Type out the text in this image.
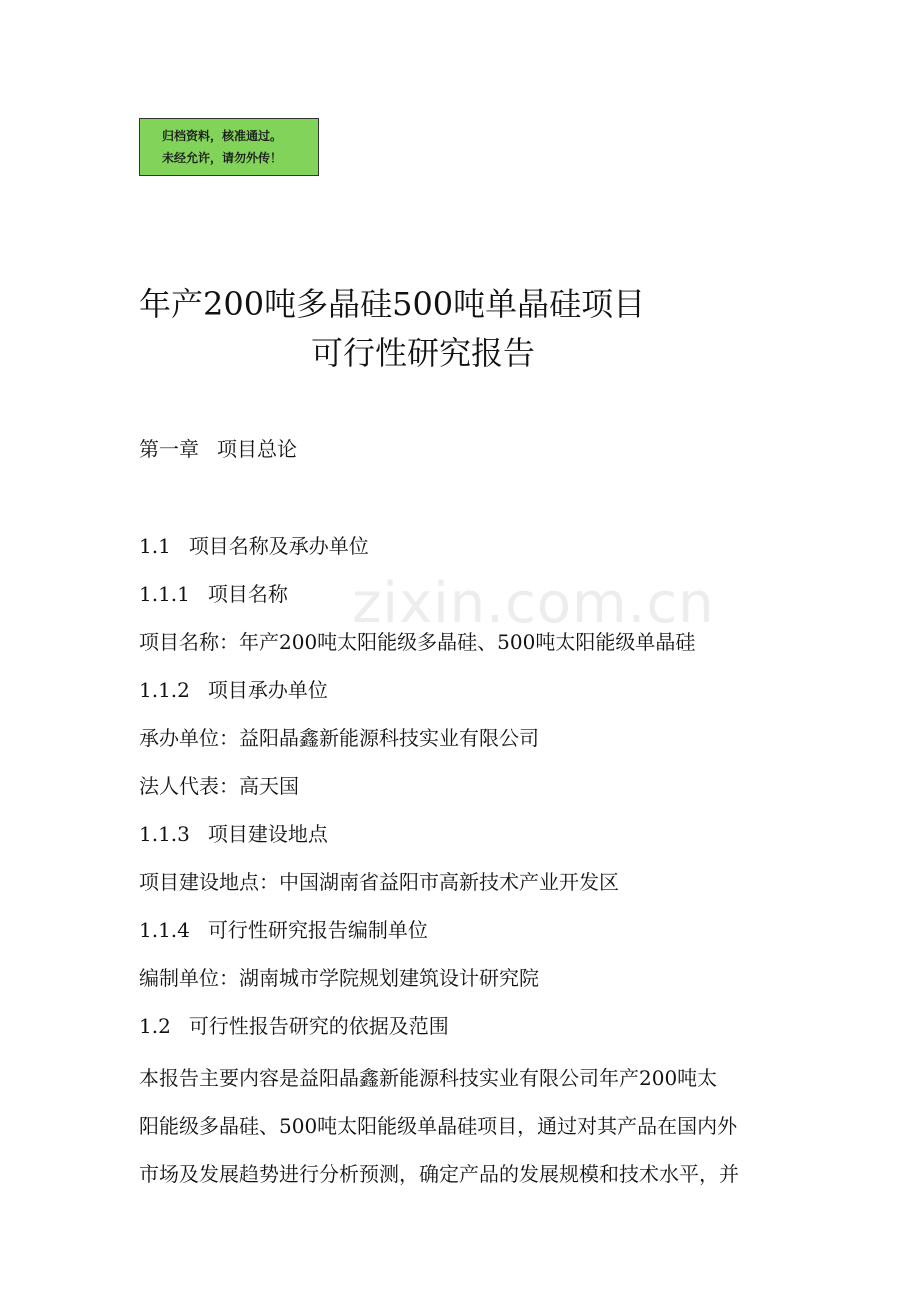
归档资料，核准通过。
未经允许，请勿外传！
年产200吨多晶硅500吨单晶硅项目
可行性研究报告
zixin.com.cn
第一章 项目总论
1.1 项目名称及承办单位
1.1.1 项目名称
项目名称：年产200吨太阳能级多晶硅、500吨太阳能级单晶硅
1.1.2 项目承办单位
承办单位：益阳晶鑫新能源科技实业有限公司
法人代表：高天国
1.1.3 项目建设地点
项目建设地点：中国湖南省益阳市高新技术产业开发区
1.1.4 可行性研究报告编制单位
编制单位：湖南城市学院规划建筑设计研究院
1.2 可行性报告研究的依据及范围
本报告主要内容是益阳晶鑫新能源科技实业有限公司年产200吨太
阳能级多晶硅、500吨太阳能级单晶硅项目，通过对其产品在国内外
市场及发展趋势进行分析预测，确定产品的发展规模和技术水平，并
